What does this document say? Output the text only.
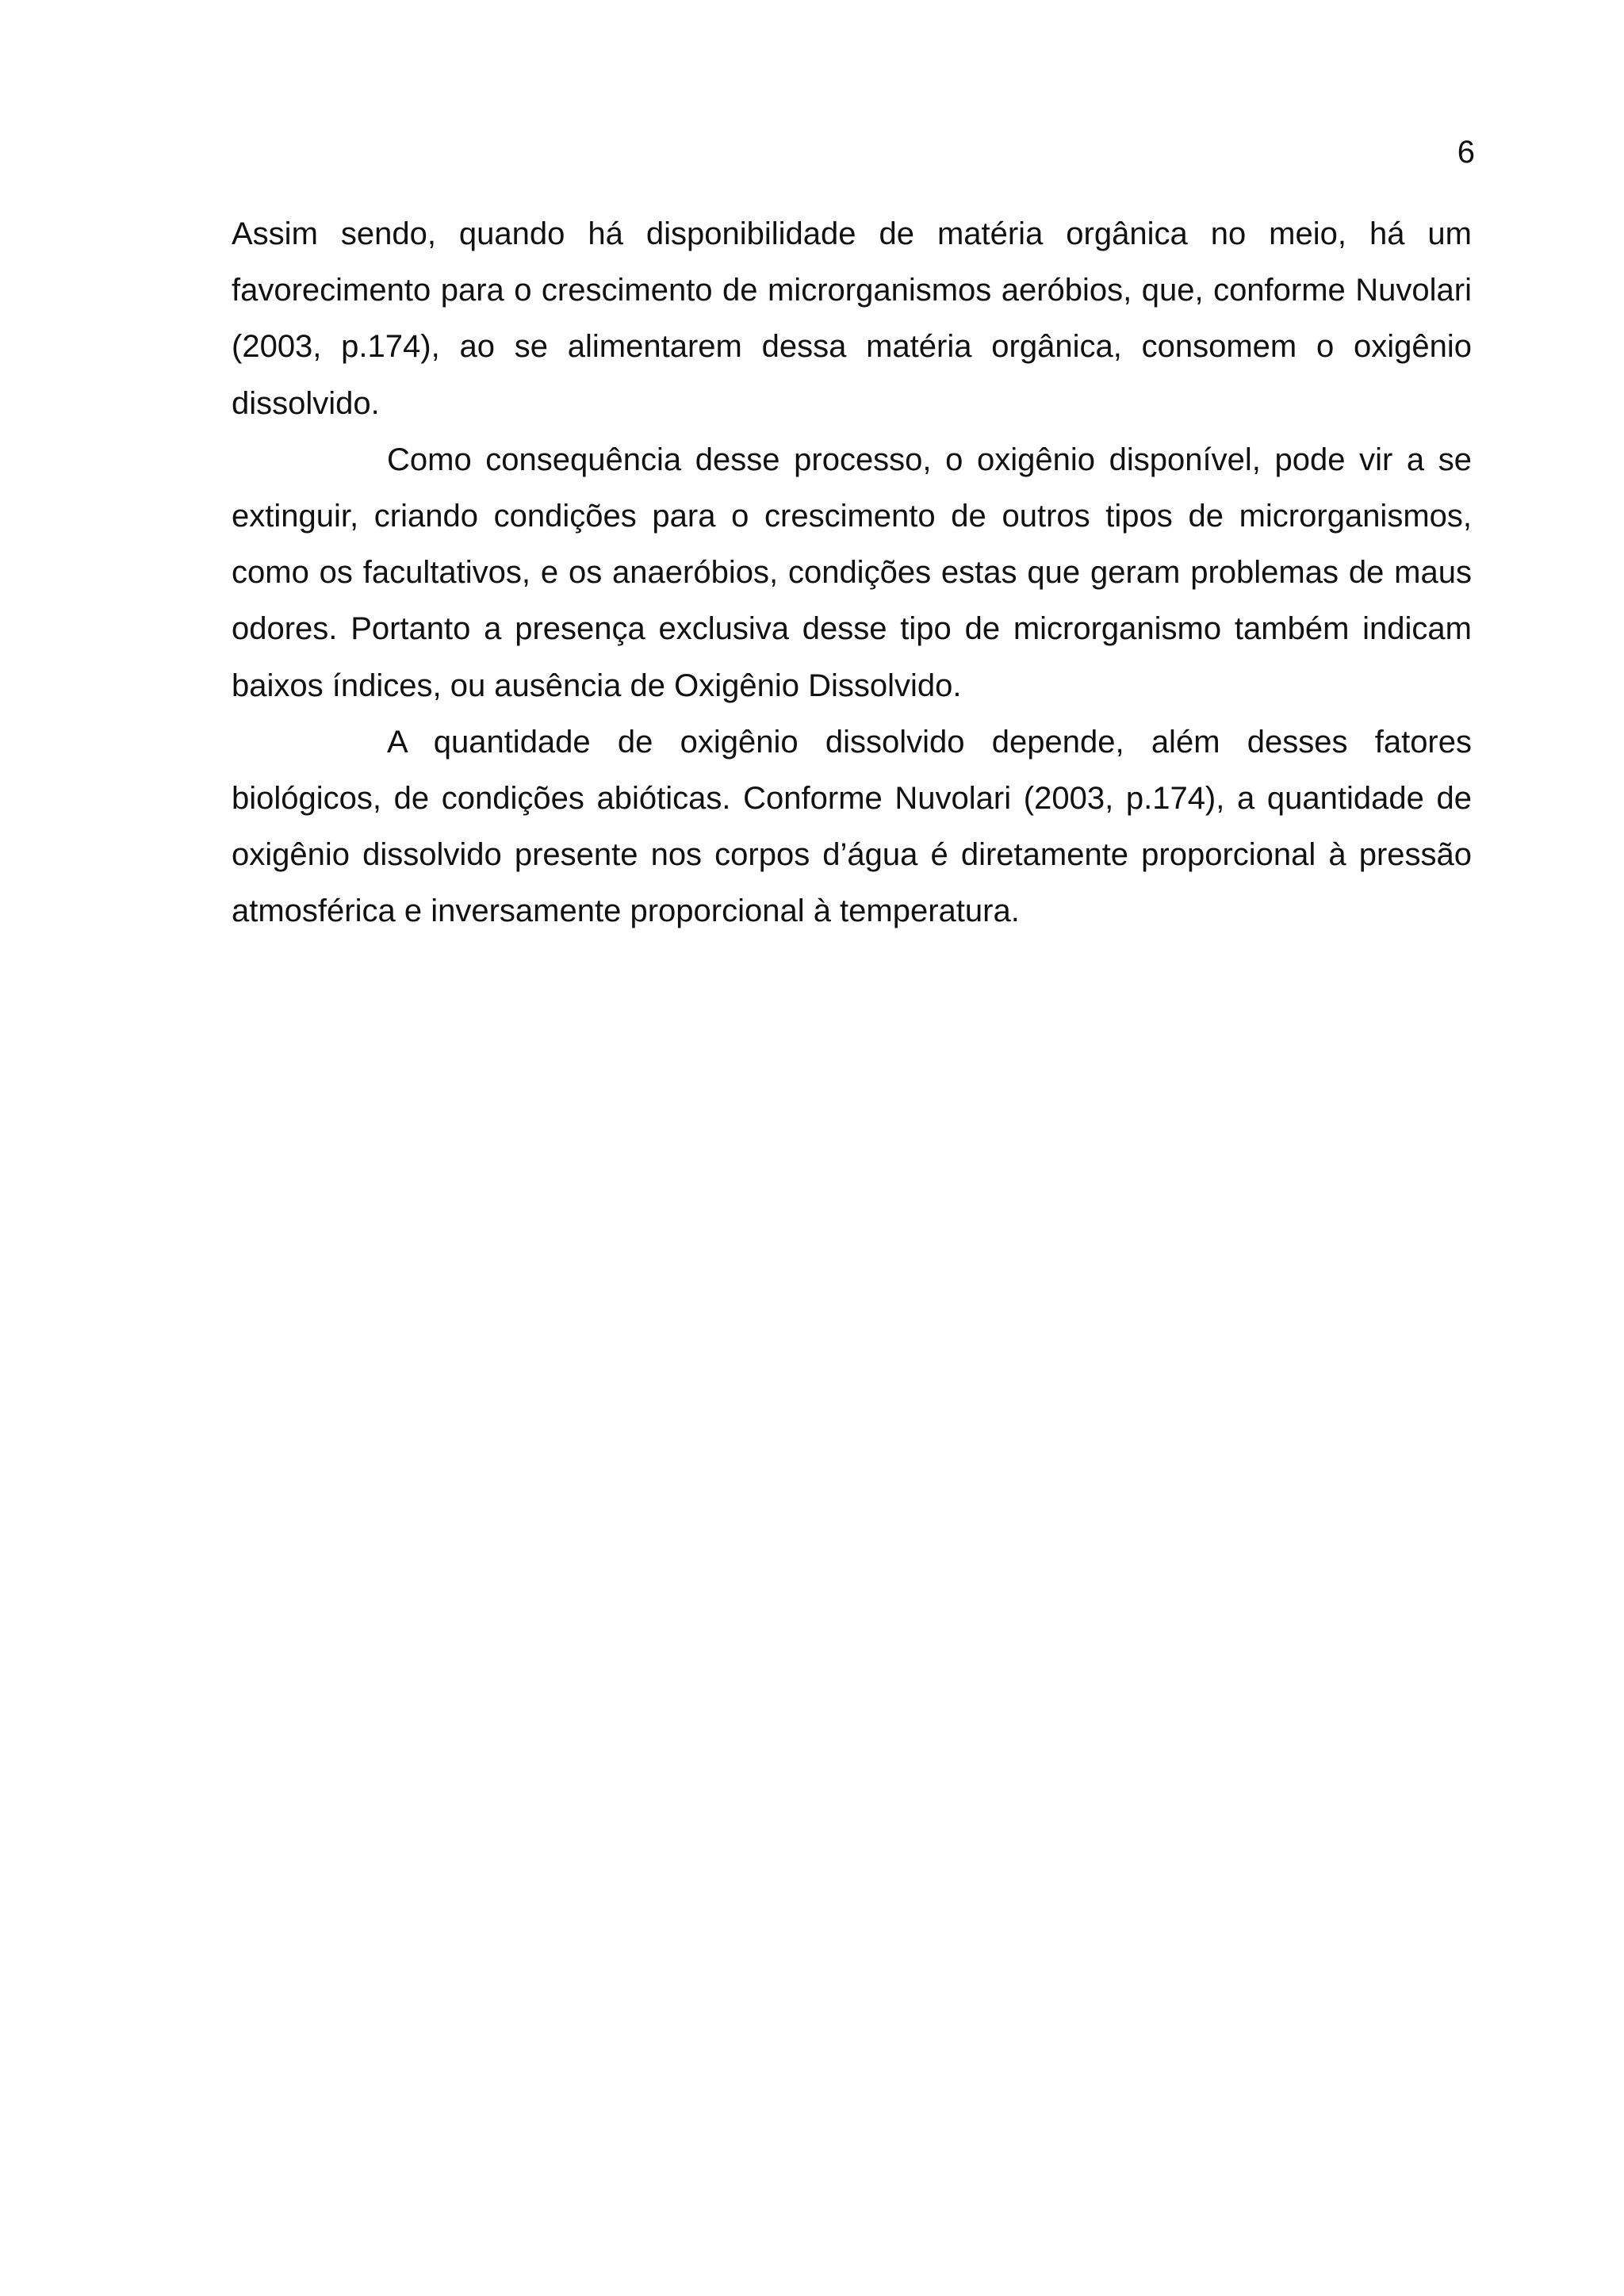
6

Assim sendo, quando há disponibilidade de matéria orgânica no meio, há um favorecimento para o crescimento de microrganismos aeróbios, que, conforme Nuvolari (2003, p.174), ao se alimentarem dessa matéria orgânica, consomem o oxigênio dissolvido.

Como consequência desse processo, o oxigênio disponível, pode vir a se extinguir, criando condições para o crescimento de outros tipos de microrganismos, como os facultativos, e os anaeróbios, condições estas que geram problemas de maus odores. Portanto a presença exclusiva desse tipo de microrganismo também indicam baixos índices, ou ausência de Oxigênio Dissolvido.

A quantidade de oxigênio dissolvido depende, além desses fatores biológicos, de condições abióticas. Conforme Nuvolari (2003, p.174), a quantidade de oxigênio dissolvido presente nos corpos d’água é diretamente proporcional à pressão atmosférica e inversamente proporcional à temperatura.
